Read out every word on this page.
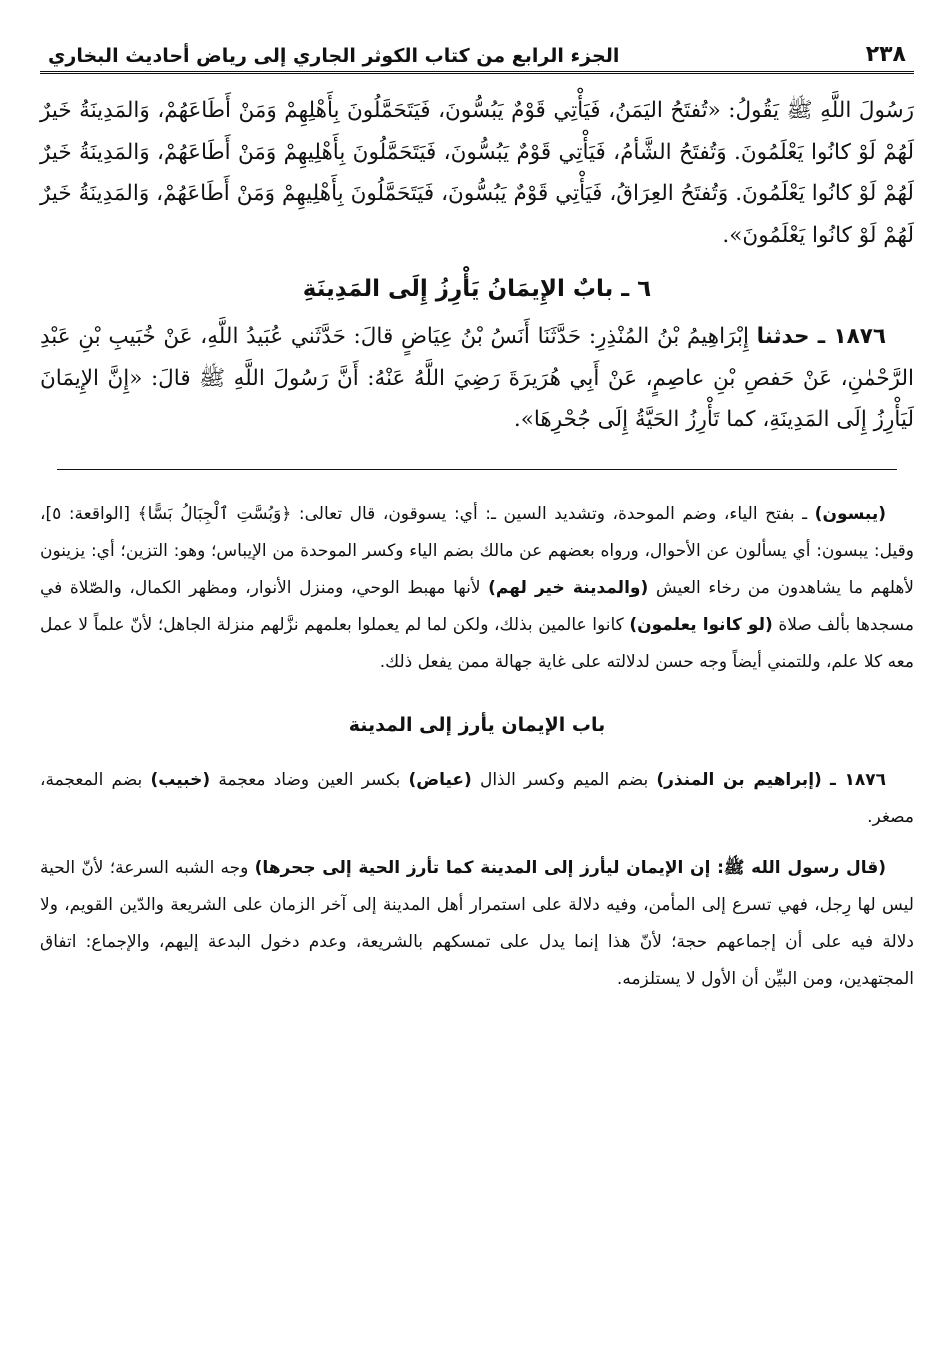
٢٣٨
الجزء الرابع من كتاب الكوثر الجاري إلى رياض أحاديث البخاري

رَسُولَ اللَّهِ ﷺ يَقُولُ: «تُفتَحُ اليَمَنُ، فَيَأْتِي قَوْمٌ يَبُسُّونَ، فَيَتَحَمَّلُونَ بِأَهْلِهِمْ وَمَنْ أَطَاعَهُمْ، وَالمَدِينَةُ خَيرٌ لَهُمْ لَوْ كانُوا يَعْلَمُونَ. وَتُفتَحُ الشَّأمُ، فَيَأْتِي قَوْمٌ يَبُسُّونَ، فَيَتَحَمَّلُونَ بِأَهْلِيهِمْ وَمَنْ أَطَاعَهُمْ، وَالمَدِينَةُ خَيرٌ لَهُمْ لَوْ كانُوا يَعْلَمُونَ. وَتُفتَحُ العِرَاقُ، فَيَأْتِي قَوْمٌ يَبُسُّونَ، فَيَتَحَمَّلُونَ بِأَهْلِيهِمْ وَمَنْ أَطَاعَهُمْ، وَالمَدِينَةُ خَيرٌ لَهُمْ لَوْ كانُوا يَعْلَمُونَ».

٦ ـ بابٌ الإِيمَانُ يَأْرِزُ إِلَى المَدِينَةِ

١٨٧٦ ـ حدثنا إِبْرَاهِيمُ بْنُ المُنْذِرِ: حَدَّثَنَا أَنَسُ بْنُ عِيَاضٍ قالَ: حَدَّثَني عُبَيدُ اللَّهِ، عَنْ خُبَيبِ بْنِ عَبْدِ الرَّحْمٰنِ، عَنْ حَفصِ بْنِ عاصِمٍ، عَنْ أَبِي هُرَيرَةَ رَضِيَ اللَّهُ عَنْهُ: أَنَّ رَسُولَ اللَّهِ ﷺ قالَ: «إِنَّ الإِيمَانَ لَيَأْرِزُ إِلَى المَدِينَةِ، كما تَأْرِزُ الحَيَّةُ إِلَى جُحْرِهَا».

(يبسون) ـ بفتح الياء، وضم الموحدة، وتشديد السين ـ: أي: يسوقون، قال تعالى: ﴿وَبُسَّتِ ٱلْجِبَالُ بَسًّا﴾ [الواقعة: ٥]، وقيل: يبسون: أي يسألون عن الأحوال، ورواه بعضهم عن مالك بضم الياء وكسر الموحدة من الإيباس؛ وهو: التزين؛ أي: يزينون لأهلهم ما يشاهدون من رخاء العيش (والمدينة خير لهم) لأنها مهبط الوحي، ومنزل الأنوار، ومظهر الكمال، والصّلاة في مسجدها بألف صلاة (لو كانوا يعلمون) كانوا عالمين بذلك، ولكن لما لم يعملوا بعلمهم نزَّلهم منزلة الجاهل؛ لأنّ علماً لا عمل معه كلا علم، وللتمني أيضاً وجه حسن لدلالته على غاية جهالة ممن يفعل ذلك.

باب الإيمان يأرز إلى المدينة

١٨٧٦ ـ (إبراهيم بن المنذر) بضم الميم وكسر الذال (عياض) بكسر العين وضاد معجمة (خبيب) بضم المعجمة، مصغر.

(قال رسول الله ﷺ: إن الإيمان ليأرز إلى المدينة كما تأرز الحية إلى جحرها) وجه الشبه السرعة؛ لأنّ الحية ليس لها رِجل، فهي تسرع إلى المأمن، وفيه دلالة على استمرار أهل المدينة إلى آخر الزمان على الشريعة والدّين القويم، ولا دلالة فيه على أن إجماعهم حجة؛ لأنّ هذا إنما يدل على تمسكهم بالشريعة، وعدم دخول البدعة إليهم، والإجماع: اتفاق المجتهدين، ومن البيِّن أن الأول لا يستلزمه.
